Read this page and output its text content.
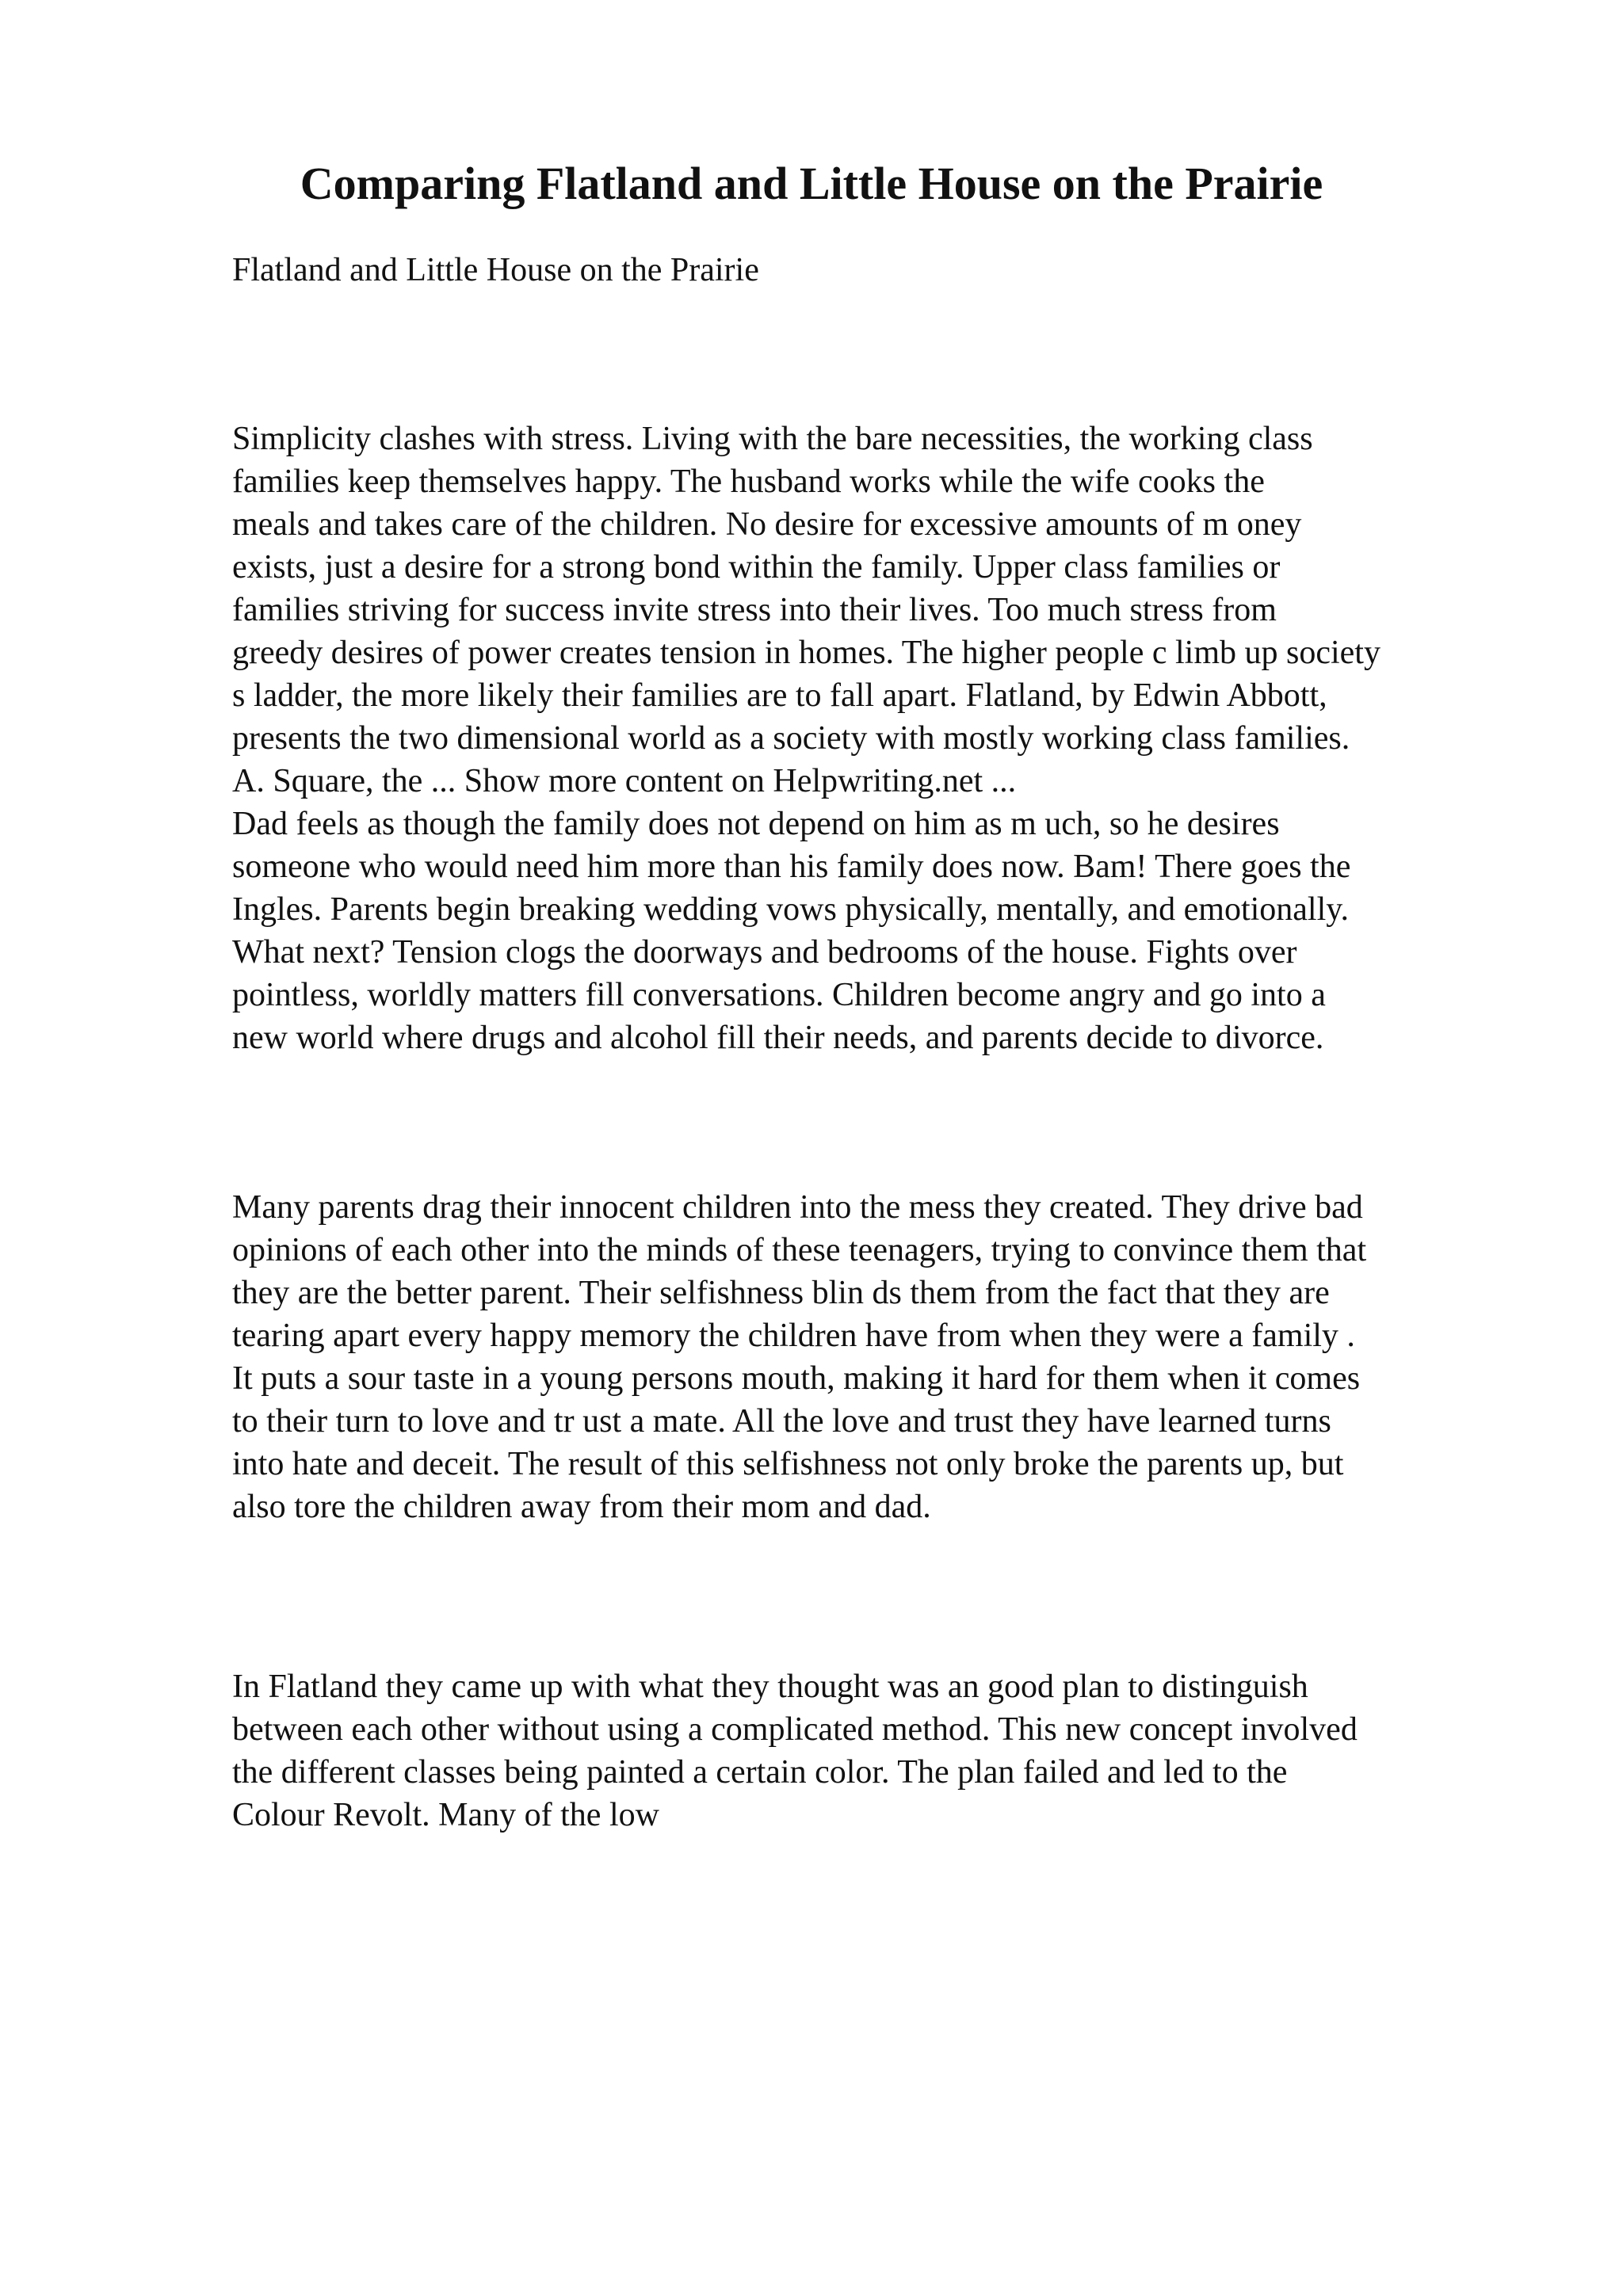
Comparing Flatland and Little House on the Prairie

Flatland and Little House on the Prairie

Simplicity clashes with stress. Living with the bare necessities, the working class
families keep themselves happy. The husband works while the wife cooks the
meals and takes care of the children. No desire for excessive amounts of m oney
exists, just a desire for a strong bond within the family. Upper class families or
families striving for success invite stress into their lives. Too much stress from
greedy desires of power creates tension in homes. The higher people c limb up society
s ladder, the more likely their families are to fall apart. Flatland, by Edwin Abbott,
presents the two dimensional world as a society with mostly working class families.
A. Square, the ... Show more content on Helpwriting.net ...
Dad feels as though the family does not depend on him as m uch, so he desires
someone who would need him more than his family does now. Bam! There goes the
Ingles. Parents begin breaking wedding vows physically, mentally, and emotionally.
What next? Tension clogs the doorways and bedrooms of the house. Fights over
pointless, worldly matters fill conversations. Children become angry and go into a
new world where drugs and alcohol fill their needs, and parents decide to divorce.
Many parents drag their innocent children into the mess they created. They drive bad
opinions of each other into the minds of these teenagers, trying to convince them that
they are the better parent. Their selfishness blin ds them from the fact that they are
tearing apart every happy memory the children have from when they were a family .
It puts a sour taste in a young persons mouth, making it hard for them when it comes
to their turn to love and tr ust a mate. All the love and trust they have learned turns
into hate and deceit. The result of this selfishness not only broke the parents up, but
also tore the children away from their mom and dad.
In Flatland they came up with what they thought was an good plan to distinguish
between each other without using a complicated method. This new concept involved
the different classes being painted a certain color. The plan failed and led to the
Colour Revolt. Many of the low
